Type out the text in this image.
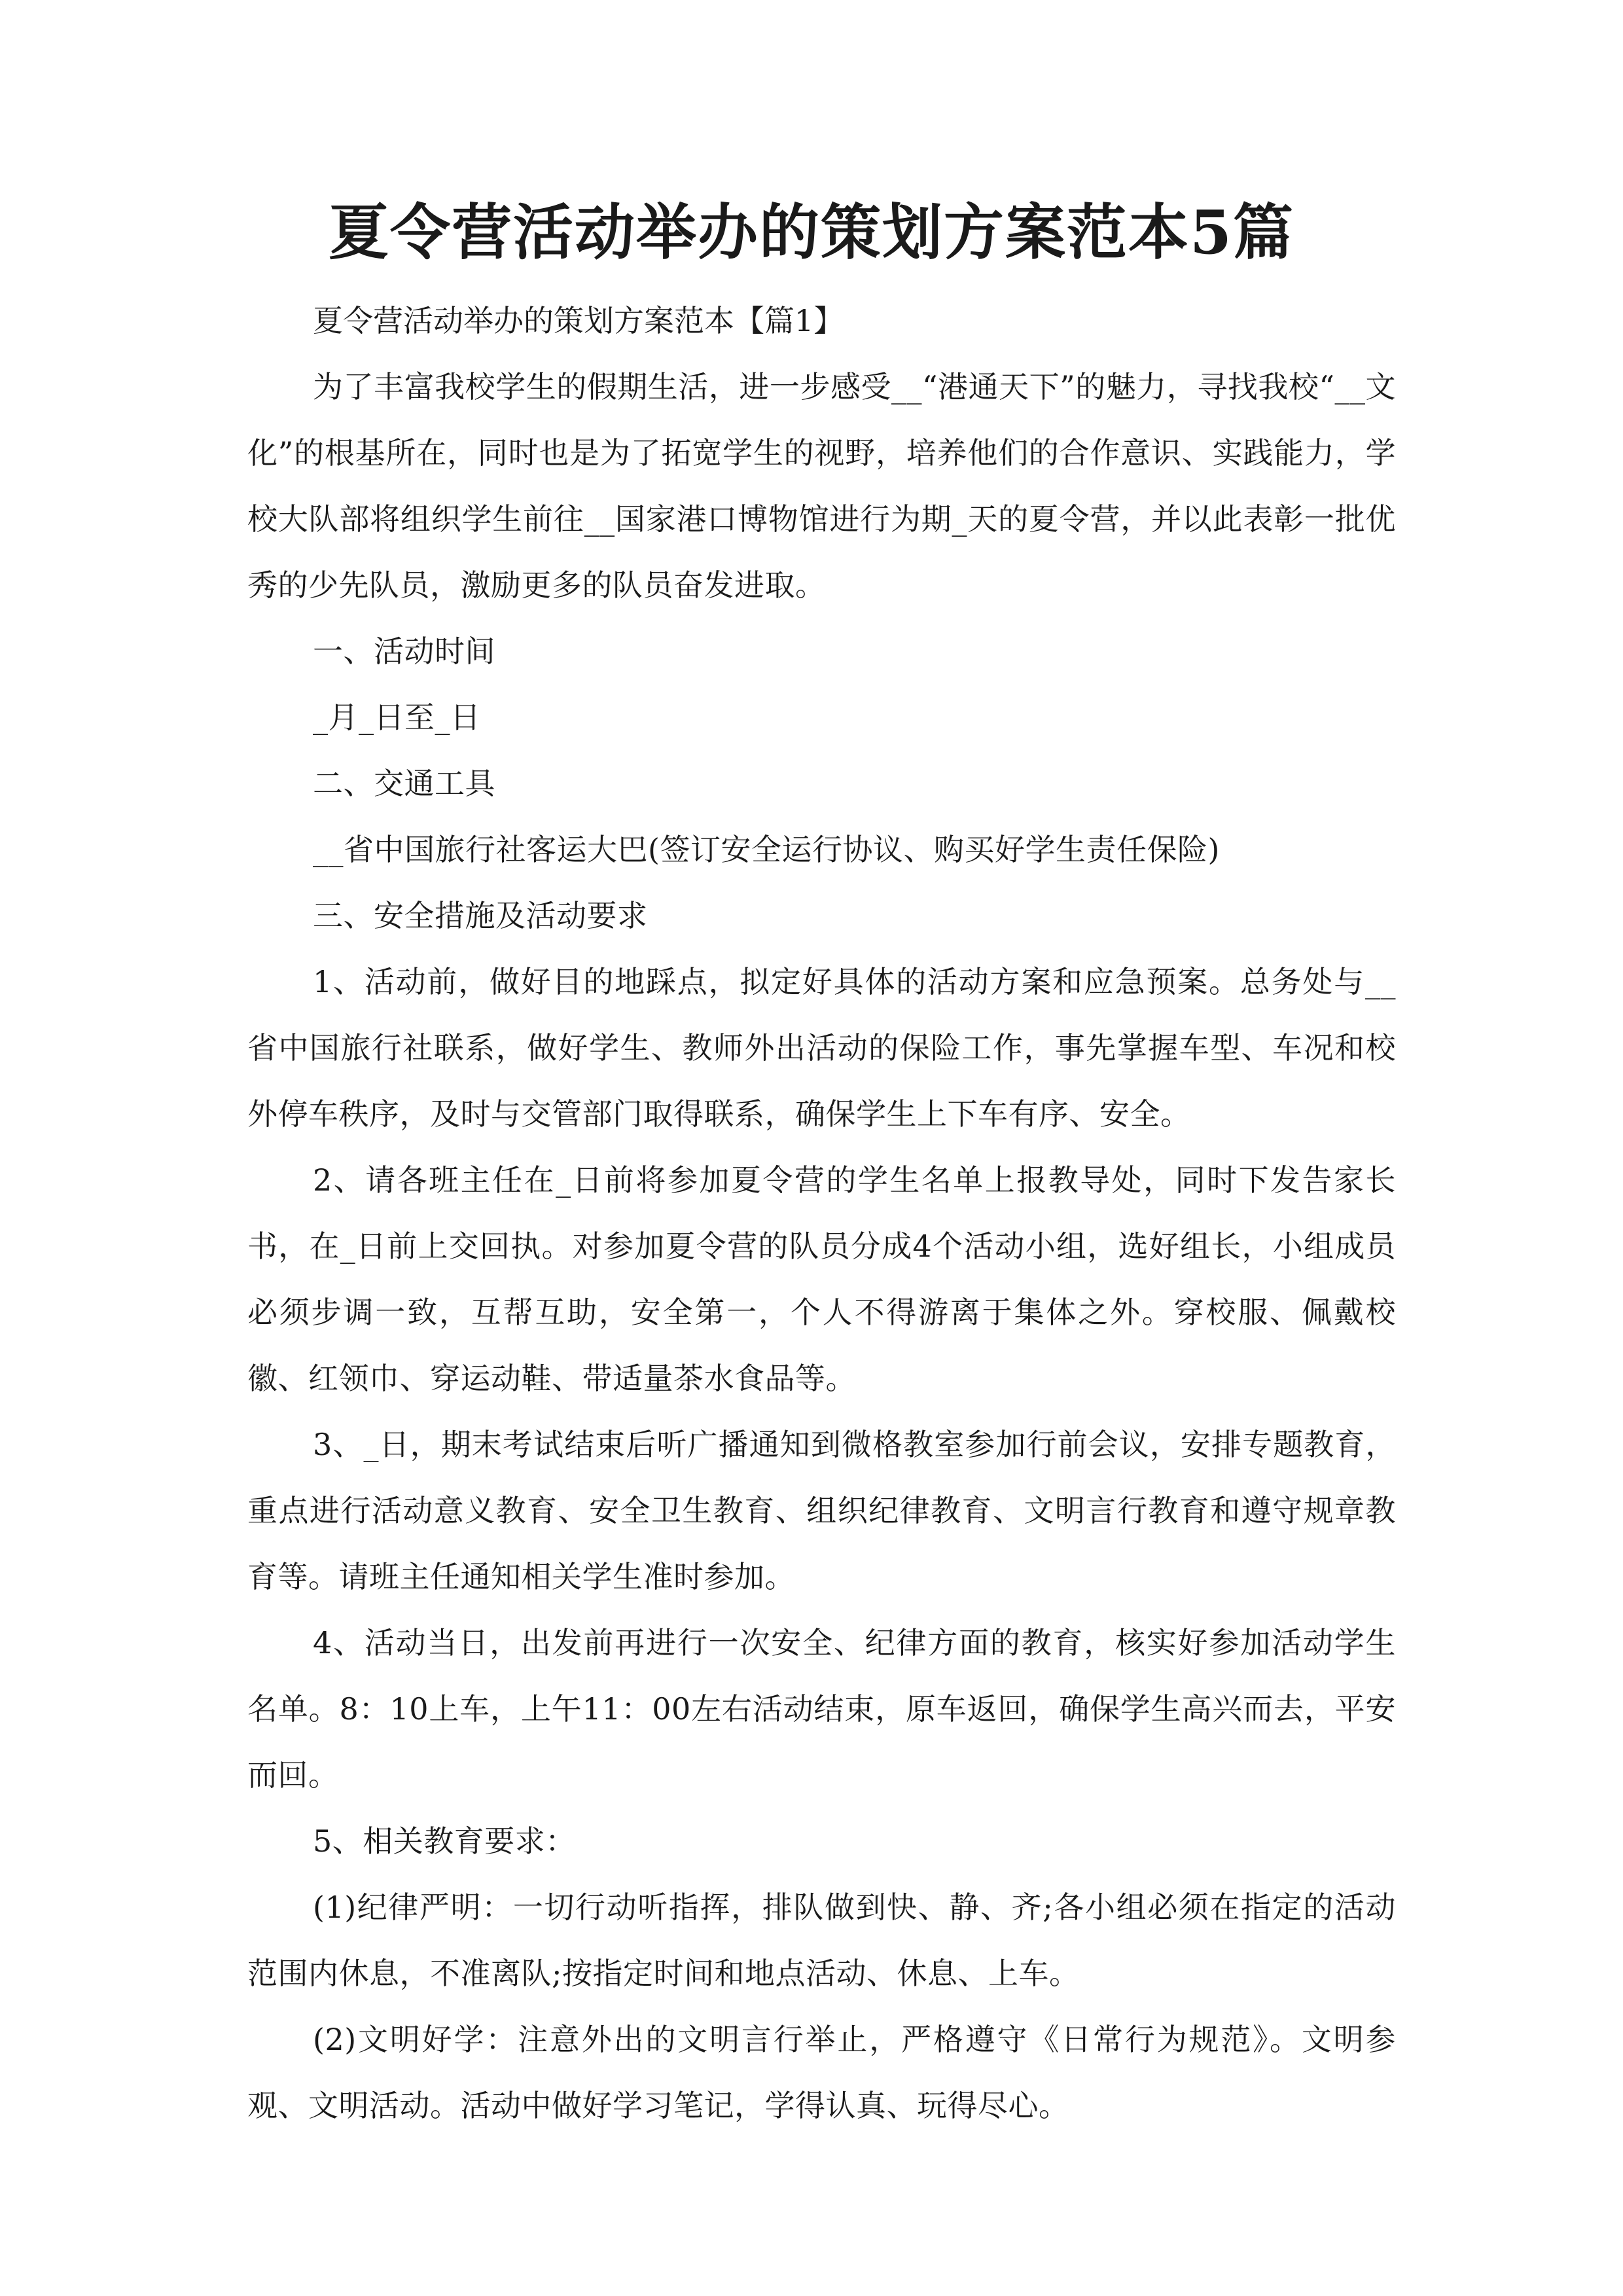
夏令营活动举办的策划方案范本5篇

夏令营活动举办的策划方案范本【篇1】

为了丰富我校学生的假期生活，进一步感受__“港通天下”的魅力，寻找我校“__文化”的根基所在，同时也是为了拓宽学生的视野，培养他们的合作意识、实践能力，学校大队部将组织学生前往__国家港口博物馆进行为期_天的夏令营，并以此表彰一批优秀的少先队员，激励更多的队员奋发进取。

一、活动时间

_月_日至_日

二、交通工具

__省中国旅行社客运大巴(签订安全运行协议、购买好学生责任保险)

三、安全措施及活动要求

1、活动前，做好目的地踩点，拟定好具体的活动方案和应急预案。总务处与__省中国旅行社联系，做好学生、教师外出活动的保险工作，事先掌握车型、车况和校外停车秩序，及时与交管部门取得联系，确保学生上下车有序、安全。

2、请各班主任在_日前将参加夏令营的学生名单上报教导处，同时下发告家长书，在_日前上交回执。对参加夏令营的队员分成4个活动小组，选好组长，小组成员必须步调一致，互帮互助，安全第一，个人不得游离于集体之外。穿校服、佩戴校徽、红领巾、穿运动鞋、带适量茶水食品等。

3、_日，期末考试结束后听广播通知到微格教室参加行前会议，安排专题教育，重点进行活动意义教育、安全卫生教育、组织纪律教育、文明言行教育和遵守规章教育等。请班主任通知相关学生准时参加。

4、活动当日，出发前再进行一次安全、纪律方面的教育，核实好参加活动学生名单。8：10上车，上午11：00左右活动结束，原车返回，确保学生高兴而去，平安而回。

5、相关教育要求：

(1)纪律严明：一切行动听指挥，排队做到快、静、齐;各小组必须在指定的活动范围内休息，不准离队;按指定时间和地点活动、休息、上车。

(2)文明好学：注意外出的文明言行举止，严格遵守《日常行为规范》。文明参观、文明活动。活动中做好学习笔记，学得认真、玩得尽心。
